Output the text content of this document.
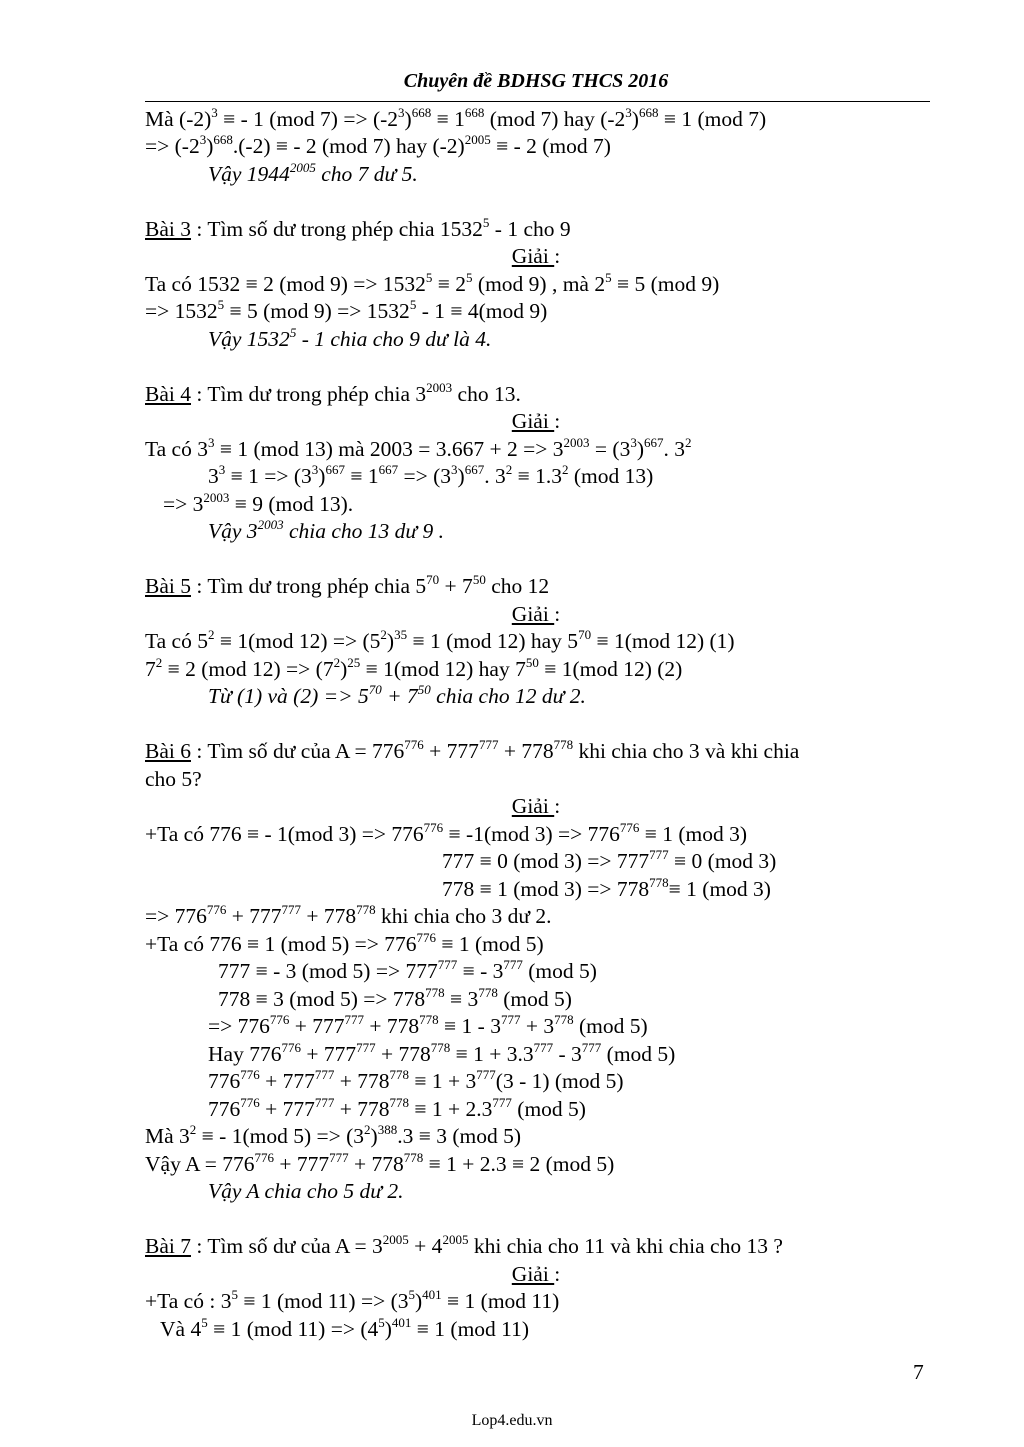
Chuyên đề BDHSG THCS 2016
Mà $(-2)^3$ ≡ - 1 (mod $7) => (-2^3)^{668} \equiv 1^{668}$ (mod 7) hay $(-2^3)^{668} \equiv 1$ (mod 7)
=> $(-2^3)^{668}.(-2)$ ≡ - 2 (mod 7) hay $(-2)^{2005}$ ≡ - 2 (mod 7)
Vậy $1944^{2005}$ cho 7 dư 5.
Bài 3 : Tìm số dư trong phép chia 1532$^5$ - 1 cho 9
Giải :
Ta có 1532 ≡ 2 (mod $9) => 1532^5 \equiv 2^5$ (mod 9) , mà $2^5 \equiv 5$ (mod 9)
=> $1532^5 \equiv 5$ (mod $9) => 1532^5 - 1 \equiv 4(mod$ 9)
Vậy 1532$^5$ - 1 chia cho 9 dư là 4.
Bài 4 : Tìm dư trong phép chia $3^{2003}$ cho 13.
Giải :
Ta có $3^3 \equiv 1$ (mod 13) mà $2003 = 3.667 + 2 => 3^{2003} = (3^3)^{667}$. $3^2$
$3^3 \equiv 1 => (3^3)^{667} \equiv 1^{667} => (3^3)^{667}$. $3^2 \equiv 1.3^2$ (mod 13)
=> $3^{2003} \equiv 9$ (mod 13).
Vậy $3^{2003}$ chia cho 13 dư 9 .
Bài 5 : Tìm dư trong phép chia $5^{70} + 7^{50}$ cho 12
Giải :
Ta có $5^2 \equiv 1(mod$ $12) => (5^2)^{35} \equiv 1$ (mod 12) hay $5^{70} \equiv 1(mod$ 12) (1)
$7^2 \equiv 2$ (mod $12) => (7^2)^{25} \equiv 1(mod$ 12) hay $7^{50} \equiv 1(mod$ 12) (2)
Từ (1) và $(2) => 5^{70} + 7^{50}$ chia cho 12 dư 2.
Bài 6 : Tìm số dư của $A = 776^{776} + 777^{777} + 778^{778}$ khi chia cho 3 và khi chia
cho 5?
Giải :
+Ta có 776 ≡ - 1(mod $3) => 776^{776} \equiv -1(mod$ $3) => 776^{776} \equiv 1$ (mod 3)
777 ≡ 0 (mod $3) => 777^{777} \equiv 0$ (mod 3)
778 ≡ 1 (mod $3) => 778^{778}\equiv 1$ (mod 3)
=> $776^{776} + 777^{777} + 778^{778}$ khi chia cho 3 dư 2.
+Ta có 776 ≡ 1 (mod $5) => 776^{776} \equiv 1$ (mod 5)
777 ≡ - 3 (mod $5) => 777^{777}$ ≡ - $3^{777}$ (mod 5)
778 ≡ 3 (mod $5) => 778^{778} \equiv 3^{778}$ (mod 5)
=> $776^{776} + 777^{777} + 778^{778} \equiv 1 - 3^{777} + 3^{778}$ (mod 5)
Hay $776^{776} + 777^{777} + 778^{778} \equiv 1 + 3.3^{777} - 3^{777}$ (mod 5)
$776^{776} + 777^{777} + 778^{778} \equiv 1 + 3^{777}(3 - 1)$ (mod 5)
$776^{776} + 777^{777} + 778^{778} \equiv 1 + 2.3^{777}$ (mod 5)
Mà $3^2$ ≡ - 1(mod $5) => (3^2)^{388}.3 \equiv 3$ (mod 5)
Vậy $A = 776^{776} + 777^{777} + 778^{778} \equiv 1 + 2.3 \equiv 2$ (mod 5)
Vậy A chia cho 5 dư 2.
Bài 7 : Tìm số dư của $A = 3^{2005} + 4^{2005}$ khi chia cho 11 và khi chia cho 13 ?
Giải :
+Ta có : $3^5 \equiv 1$ (mod $11) => (3^5)^{401} \equiv 1$ (mod 11)
Và $4^5 \equiv 1$ (mod $11) => (4^5)^{401} \equiv 1$ (mod 11)
7
Lop4.edu.vn
